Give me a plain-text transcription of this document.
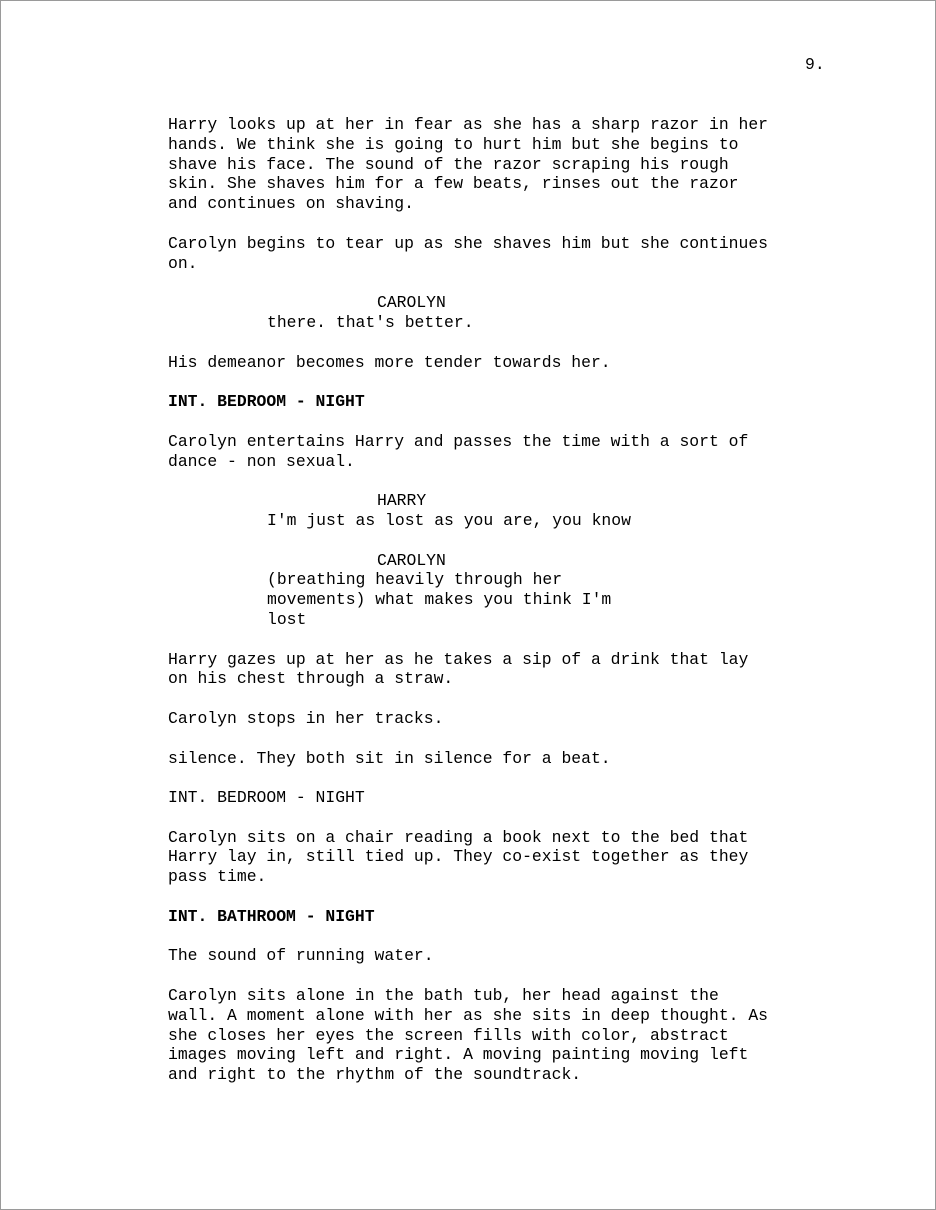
9.
Harry looks up at her in fear as she has a sharp razor in her
hands. We think she is going to hurt him but she begins to
shave his face. The sound of the razor scraping his rough
skin. She shaves him for a few beats, rinses out the razor
and continues on shaving.
Carolyn begins to tear up as she shaves him but she continues
on.
CAROLYN
there. that's better.
His demeanor becomes more tender towards her.
INT. BEDROOM - NIGHT
Carolyn entertains Harry and passes the time with a sort of
dance - non sexual.
HARRY
I'm just as lost as you are, you know
CAROLYN
(breathing heavily through her
movements) what makes you think I'm
lost
Harry gazes up at her as he takes a sip of a drink that lay
on his chest through a straw.
Carolyn stops in her tracks.
silence. They both sit in silence for a beat.
INT. BEDROOM - NIGHT
Carolyn sits on a chair reading a book next to the bed that
Harry lay in, still tied up. They co-exist together as they
pass time.
INT. BATHROOM - NIGHT
The sound of running water.
Carolyn sits alone in the bath tub, her head against the
wall. A moment alone with her as she sits in deep thought. As
she closes her eyes the screen fills with color, abstract
images moving left and right. A moving painting moving left
and right to the rhythm of the soundtrack.
